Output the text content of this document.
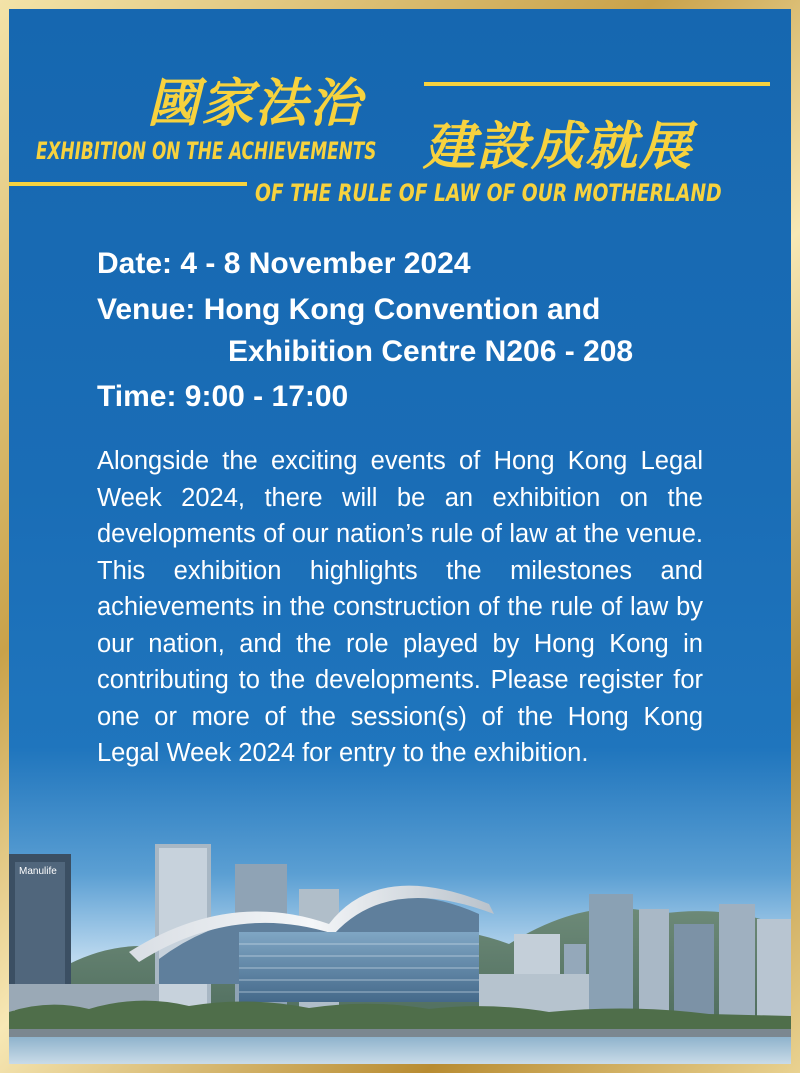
國家法治
建設成就展
EXHIBITION ON THE ACHIEVEMENTS
OF THE RULE OF LAW OF OUR MOTHERLAND
Date: 4 - 8 November 2024
Venue: Hong Kong Convention and
Exhibition Centre N206 - 208
Time: 9:00 - 17:00

Alongside the exciting events of Hong Kong Legal Week 2024, there will be an exhibition on the developments of our nation’s rule of law at the venue. This exhibition highlights the milestones and achievements in the construction of the rule of law by our nation, and the role played by Hong Kong in contributing to the developments. Please register for one or more of the session(s) of the Hong Kong Legal Week 2024 for entry to the exhibition.

Manulife
